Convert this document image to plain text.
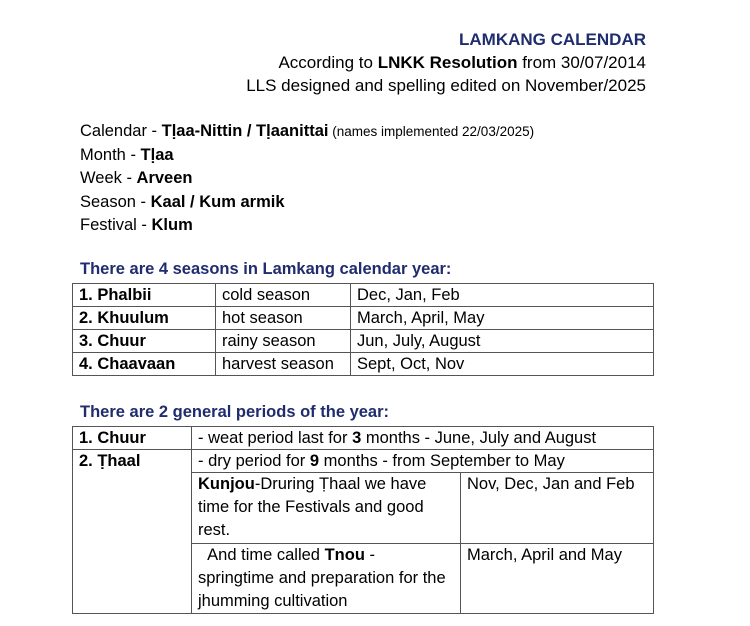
LAMKANG CALENDAR
According to LNKK Resolution from 30/07/2014
LLS designed and spelling edited on November/2025
Calendar - Tḷaa-Nittin / Tḷaanittai (names implemented 22/03/2025)
Month - Tḷaa
Week - Arveen
Season - Kaal / Kum armik
Festival - Klum
There are 4 seasons in Lamkang calendar year:
1. Phalbii	cold season	Dec, Jan, Feb
2. Khuulum	hot season	March, April, May
3. Chuur	rainy season	Jun, July, August
4. Chaavaan	harvest season	Sept, Oct, Nov
There are 2 general periods of the year:
1. Chuur	- weat period last for 3 months - June, July and August	
2. Ṭhaal	- dry period for 9 months - from September to May	
	Kunjou-Druring Ṭhaal we have time for the Festivals and good rest.	Nov, Dec, Jan and Feb
	And time called Tnou - springtime and preparation for the jhumming cultivation	March, April and May
